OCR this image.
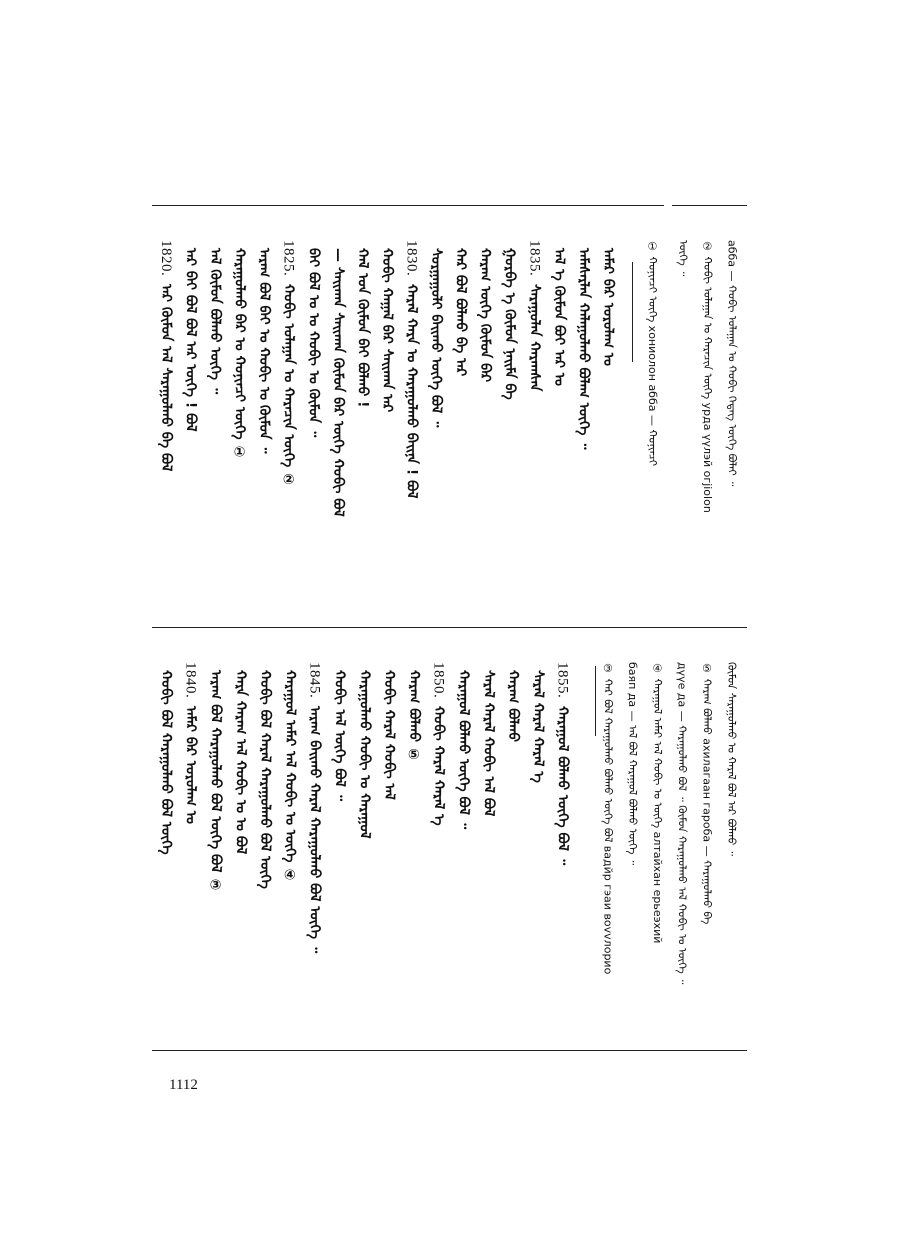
абба — ᠬᠤᠪᠢ ᠤᠯᠠᠭᠠᠨ ᠤ ᠬᠤᠪᠢ ᠭᠡᠳᠡᠭ ᠦᠭᠡ ᠪᠣᠯᠠᠢ ᠃
② ᠬᠤᠪᠢ ᠤᠯᠠᠭᠠᠨ ᠤ ᠬᠠᠷᠠᠴᠢᠨ ᠦᠭᠡ урда үүлэй огjiolon
ᠦᠭᠡ ᠃
① ᠬᠣᠨᠢᠨᠴᠢ ᠦᠭᠡ хониолон абба — ᠬᠣᠨᠢᠨᠴᠢ
ᠠᠮᠠᠷ ᠪᠡᠷ ᠣᠷᠤᠯᠠᠭ ᠤ
ᠠᠮᠠᠰᠠᠷᠯᠠᠨ ᠬᠠᠯᠠᠭᠤᠯᠬᠤ ᠪᠣᠯᠠᠭ ᠦᠭᠡ ᠃
ᠠᠯ ᠡ ᠬᠦᠮᠦᠨ ᠪᠤᠢ ᠠᠷ ᠤ
1835.
ᠰᠠᠷᠠᠭᠤᠯᠠᠨ ᠬᠠᠷᠠᠭᠰᠠᠨ
ᠭᠤᠷᠪᠠ ᠡ ᠬᠦᠮᠦᠨ ᠨᠠᠢᠮᠠ ᠪᠠ
ᠬᠠᠷᠠᠭ ᠦᠭᠡ ᠬᠦᠮᠦᠨ ᠪᠠᠷ
ᠬᠠᠷ ᠪᠣᠯ ᠪᠣᠯᠬᠤ ᠪᠠ ᠠᠷ
ᠰᠤᠷᠭᠠᠭᠤᠯᠢ ᠪᠠᠢᠬᠤ ᠦᠭᠡ ᠪᠣᠯ ᠃
1830.
ᠬᠠᠷᠠᠯ ᠬᠠᠷᠠ ᠤ ᠬᠠᠷᠠᠭᠤᠯᠬᠤ ᠪᠠᠢᠨᠠ ! ᠪᠣᠯ
ᠬᠤᠪᠢ ᠬᠠᠭᠠᠯ ᠪᠠᠷ ᠰᠠᠢᠬᠠᠨ ᠠᠷ
ᠬᠠᠯ ᠤᠨ ᠬᠦᠮᠦᠨ ᠪᠠᠢ ᠪᠣᠯᠬᠤ !
— ᠰᠠᠢᠬᠠᠨ ᠰᠠᠢᠬᠠᠨ ᠬᠦᠮᠦᠨ ᠪᠠᠷ ᠦᠭᠡ ᠬᠤᠪᠢ ᠪᠣᠯ
ᠪᠠᠢ ᠪᠣᠯ ᠤ ᠤ ᠬᠤᠪᠢ ᠤ ᠬᠦᠮᠦᠨ ᠃
1825.
ᠬᠤᠪᠢ ᠤᠯᠠᠭᠠᠨ ᠤ ᠬᠠᠷᠠᠴᠢᠨ ᠦᠭᠡ ②
ᠠᠷᠠᠭ ᠪᠣᠯ ᠪᠠᠢ ᠤ ᠬᠤᠪᠢ ᠤ ᠬᠦᠮᠦᠨ ᠃
ᠬᠠᠷᠠᠭᠤᠯᠬᠤ ᠪᠠᠷ ᠤ ᠬᠣᠨᠢᠨᠴᠢ ᠦᠭᠡ ①
ᠠᠯ ᠬᠦᠮᠦᠨ ᠪᠣᠯᠬᠤ ᠦᠭᠡ ᠃
ᠠᠷ ᠪᠠᠢ ᠪᠣᠯ ᠪᠣᠯ ᠠᠷ ᠦᠭᠡ ! ᠪᠣᠯ
1820.
ᠠᠷ ᠬᠦᠮᠦᠨ ᠠᠯ ᠰᠠᠷᠠᠭᠤᠯᠬᠤ ᠪᠠ ᠪᠣᠯ
ᠬᠦᠮᠦᠨ ᠰᠠᠷᠠᠭᠤᠯᠬᠤ ᠤ ᠬᠠᠷᠠᠯ ᠪᠣᠯ ᠠᠷ ᠪᠣᠯᠬᠤ ᠃
⑤ ᠬᠠᠷᠠᠭ ᠪᠣᠯᠬᠤ ахилагаан гароба — ᠬᠠᠷᠠᠭᠤᠯᠬᠤ ᠪᠠ
дүүе да — ᠬᠠᠷᠠᠭᠤᠯᠬᠤ ᠪᠣᠯ ᠃ ᠬᠦᠮᠦᠨ ᠬᠠᠷᠠᠭᠤᠯᠬᠤ ᠠᠯ ᠬᠤᠪᠢ ᠤ ᠦᠭᠡ ᠃
④ ᠬᠠᠷᠠᠭᠤᠯ ᠠᠮᠠᠷ ᠠᠯ ᠬᠤᠪᠢ ᠤ ᠦᠭᠡ алтайхан ерьеэхий
баяп да — ᠠᠯ ᠪᠣᠯ ᠬᠠᠷᠠᠭᠤᠯ ᠪᠣᠯᠬᠤ ᠦᠭᠡ ᠃
③ ᠬᠠᠷ ᠪᠣᠯ ᠬᠠᠷᠠᠭᠤᠯᠬᠤ ᠪᠣᠯᠬᠤ ᠦᠭᠡ ᠪᠣᠯ вадйр гэаи воvvлорио
1855.
ᠬᠠᠷᠠᠭᠤᠯ ᠪᠣᠯᠬᠤ ᠦᠭᠡ ᠪᠣᠯ ᠃
ᠰᠠᠷᠠᠯ ᠬᠠᠷᠠᠯ ᠬᠠᠷᠠᠯ ᠡ
ᠬᠠᠷᠠᠭ ᠪᠣᠯᠬᠤ
ᠰᠠᠷᠠᠯ ᠬᠠᠷᠠᠯ ᠬᠤᠪᠢ ᠠᠯ ᠪᠣᠯ
ᠬᠠᠷᠠᠭᠤᠯ ᠪᠣᠯᠬᠤ ᠦᠭᠡ ᠪᠣᠯ ᠃
1850.
ᠬᠤᠪᠢ ᠬᠠᠷᠠᠯ ᠬᠠᠷᠠᠯ ᠡ
ᠬᠠᠷᠠᠭ ᠪᠣᠯᠬᠤ ⑤
ᠬᠤᠪᠢ ᠬᠠᠷᠠᠯ ᠬᠤᠪᠢ ᠠᠯ
ᠬᠠᠷᠠᠭᠤᠯᠬᠤ ᠬᠤᠪᠢ ᠤ ᠬᠠᠷᠠᠭᠤᠯ
ᠬᠤᠪᠢ ᠠᠯ ᠦᠭᠡ ᠪᠣᠯ ᠃
1845.
ᠠᠷᠠᠭ ᠪᠠᠢᠬᠤ ᠬᠠᠷᠠᠯ ᠬᠠᠷᠠᠭᠤᠯᠬᠤ ᠪᠣᠯ ᠦᠭᠡ ᠃
ᠬᠠᠷᠠᠭᠤᠯ ᠠᠮᠠᠷ ᠠᠯ ᠬᠤᠪᠢ ᠤ ᠦᠭᠡ ④
ᠬᠤᠪᠢ ᠪᠣᠯ ᠬᠠᠷᠠᠯ ᠬᠠᠷᠠᠭᠤᠯᠬᠤ ᠪᠣᠯ ᠦᠭᠡ
ᠬᠠᠷᠠ ᠬᠠᠷᠠᠭ ᠠᠯ ᠬᠤᠪᠢ ᠤ ᠤ ᠪᠣᠯ
ᠠᠷᠠᠭ ᠪᠣᠯ ᠬᠠᠷᠠᠭᠤᠯᠬᠤ ᠪᠣᠯ ᠦᠭᠡ ᠪᠣᠯ ③
1840.
ᠠᠮᠠᠷ ᠪᠡᠷ ᠣᠷᠤᠯᠠᠭ ᠤ
ᠬᠤᠪᠢ ᠪᠣᠯ ᠬᠠᠷᠠᠭᠤᠯᠬᠤ ᠪᠣᠯ ᠦᠭᠡ
1112
